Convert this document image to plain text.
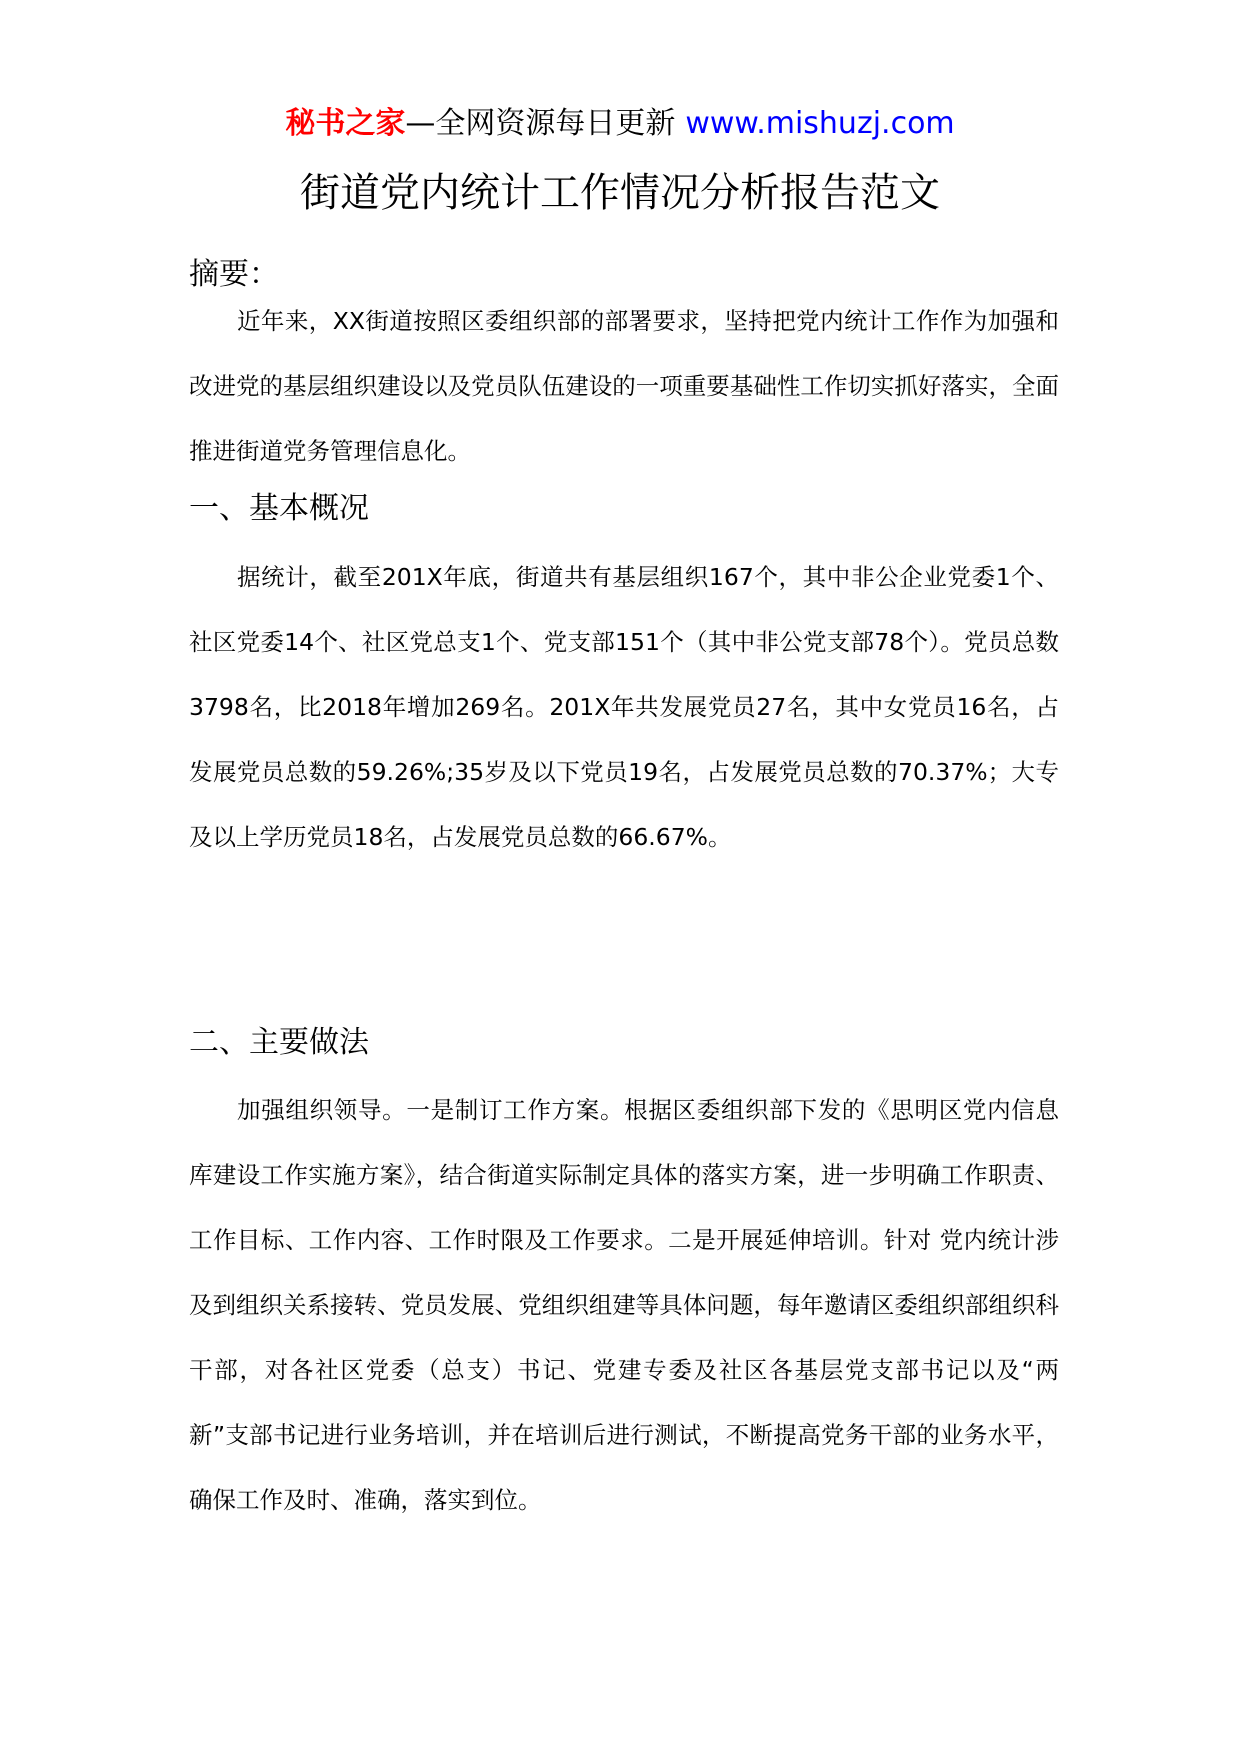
秘书之家—全网资源每日更新 www.mishuzj.com
街道党内统计工作情况分析报告范文
摘要：

近年来，XX街道按照区委组织部的部署要求，坚持把党内统计工作作为加强和改进党的基层组织建设以及党员队伍建设的一项重要基础性工作切实抓好落实，全面推进街道党务管理信息化。

一、基本概况

据统计，截至201X年底，街道共有基层组织167个，其中非公企业党委1个、社区党委14个、社区党总支1个、党支部151个（其中非公党支部78个）。党员总数3798名，比2018年增加269名。201X年共发展党员27名，其中女党员16名，占发展党员总数的59.26%;35岁及以下党员19名，占发展党员总数的70.37%；大专及以上学历党员18名，占发展党员总数的66.67%。

二、主要做法

加强组织领导。一是制订工作方案。根据区委组织部下发的《思明区党内信息库建设工作实施方案》，结合街道实际制定具体的落实方案，进一步明确工作职责、工作目标、工作内容、工作时限及工作要求。二是开展延伸培训。针对 党内统计涉及到组织关系接转、党员发展、党组织组建等具体问题，每年邀请区委组织部组织科干部，对各社区党委（总支）书记、党建专委及社区各基层党支部书记以及“两新”支部书记进行业务培训，并在培训后进行测试，不断提高党务干部的业务水平，确保工作及时、准确，落实到位。
